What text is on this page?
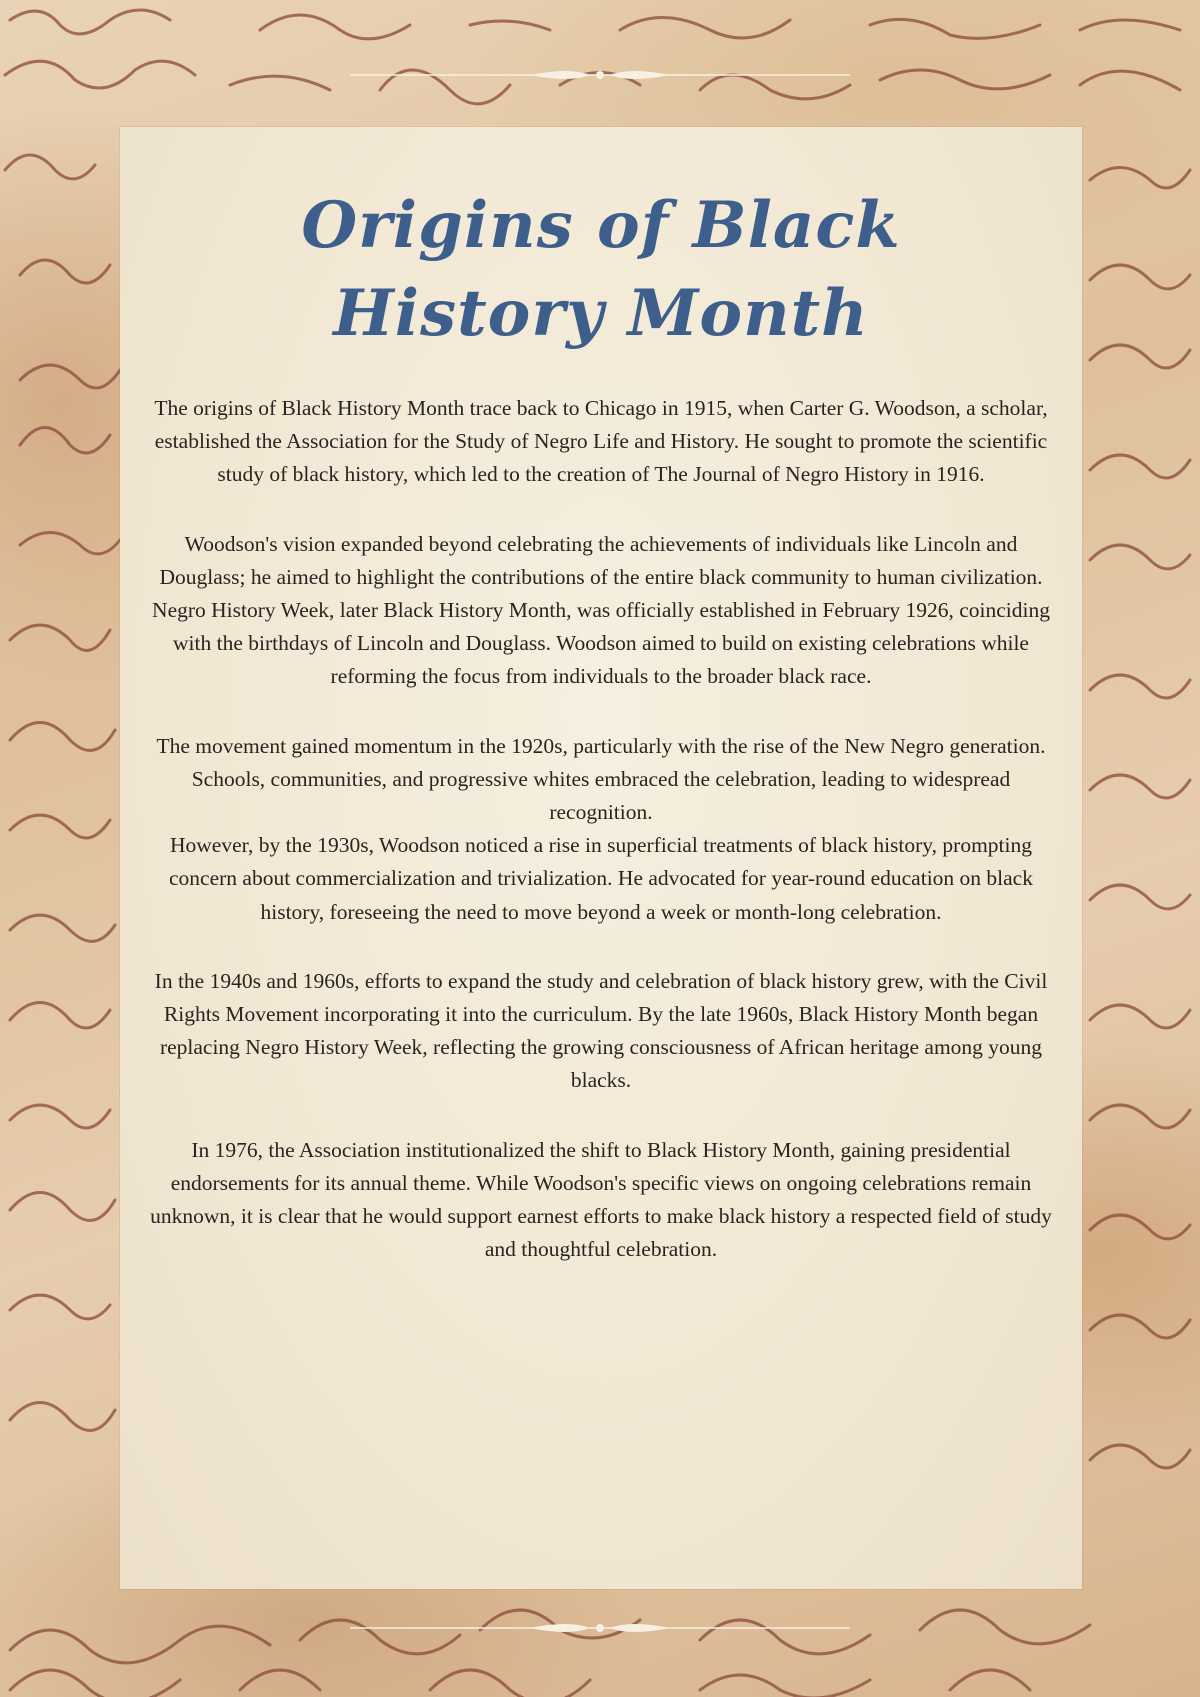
Origins of Black
History Month

The origins of Black History Month trace back to Chicago in 1915, when Carter G. Woodson, a scholar, established the Association for the Study of Negro Life and History. He sought to promote the scientific study of black history, which led to the creation of The Journal of Negro History in 1916.

Woodson's vision expanded beyond celebrating the achievements of individuals like Lincoln and Douglass; he aimed to highlight the contributions of the entire black community to human civilization.

Negro History Week, later Black History Month, was officially established in February 1926, coinciding with the birthdays of Lincoln and Douglass. Woodson aimed to build on existing celebrations while reforming the focus from individuals to the broader black race.

The movement gained momentum in the 1920s, particularly with the rise of the New Negro generation. Schools, communities, and progressive whites embraced the celebration, leading to widespread recognition.

However, by the 1930s, Woodson noticed a rise in superficial treatments of black history, prompting concern about commercialization and trivialization. He advocated for year-round education on black history, foreseeing the need to move beyond a week or month-long celebration.

In the 1940s and 1960s, efforts to expand the study and celebration of black history grew, with the Civil Rights Movement incorporating it into the curriculum. By the late 1960s, Black History Month began replacing Negro History Week, reflecting the growing consciousness of African heritage among young blacks.

In 1976, the Association institutionalized the shift to Black History Month, gaining presidential endorsements for its annual theme. While Woodson's specific views on ongoing celebrations remain unknown, it is clear that he would support earnest efforts to make black history a respected field of study and thoughtful celebration.
